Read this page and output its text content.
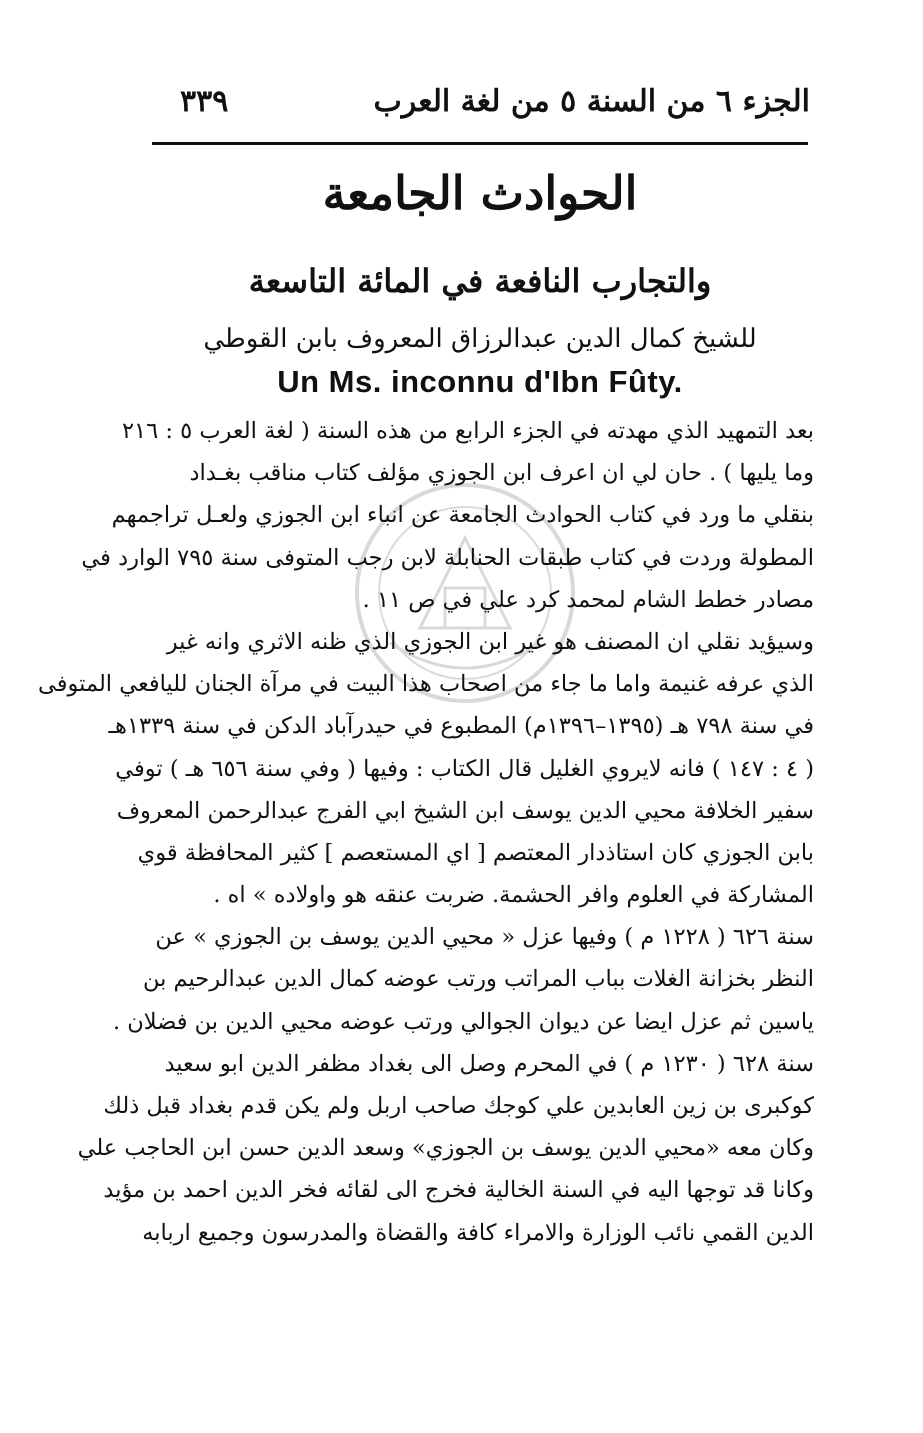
الجزء ٦ من السنة ٥ من لغة العرب
٣٣٩
الحوادث الجامعة
والتجارب النافعة في المائة التاسعة
للشيخ كمال الدين عبدالرزاق المعروف بابن القوطي
Un Ms. inconnu d'Ibn Fûty.
بعد التمهيد الذي مهدته في الجزء الرابع من هذه السنة ( لغة العرب ٥ : ٢١٦
وما يليها ) . حان لي ان اعرف ابن الجوزي مؤلف كتاب مناقب بغـداد
بنقلي ما ورد في كتاب الحوادث الجامعة عن انباء ابن الجوزي ولعـل تراجمهم
المطولة وردت في كتاب طبقات الحنابلة لابن رجب المتوفى سنة ٧٩٥ الوارد في
مصادر خطط الشام لمحمد كرد علي في ص ١١ .
وسيؤيد نقلي ان المصنف هو غير ابن الجوزي الذي ظنه الاثري وانه غير
الذي عرفه غنيمة واما ما جاء من اصحاب هذا البيت في مرآة الجنان لليافعي المتوفى
في سنة ٧٩٨ هـ (١٣٩٥–١٣٩٦م) المطبوع في حيدرآباد الدكن في سنة ١٣٣٩هـ
( ٤ : ١٤٧ ) فانه لايروي الغليل قال الكتاب : وفيها ( وفي سنة ٦٥٦ هـ ) توفي
سفير الخلافة محيي الدين يوسف ابن الشيخ ابي الفرج عبدالرحمن المعروف
بابن الجوزي كان استاذدار المعتصم [ اي المستعصم ] كثير المحافظة قوي
المشاركة في العلوم وافر الحشمة. ضربت عنقه هو واولاده » اه .
سنة ٦٢٦ ( ١٢٢٨ م ) وفيها عزل « محيي الدين يوسف بن الجوزي » عن
النظر بخزانة الغلات بباب المراتب ورتب عوضه كمال الدين عبدالرحيم بن
ياسين ثم عزل ايضا عن ديوان الجوالي ورتب عوضه محيي الدين بن فضلان .
سنة ٦٢٨ ( ١٢٣٠ م ) في المحرم وصل الى بغداد مظفر الدين ابو سعيد
كوكبرى بن زين العابدين علي كوجك صاحب اربل ولم يكن قدم بغداد قبل ذلك
وكان معه «محيي الدين يوسف بن الجوزي» وسعد الدين حسن ابن الحاجب علي
وكانا قد توجها اليه في السنة الخالية فخرج الى لقائه فخر الدين احمد بن مؤيد
الدين القمي نائب الوزارة والامراء كافة والقضاة والمدرسون وجميع اربابه
